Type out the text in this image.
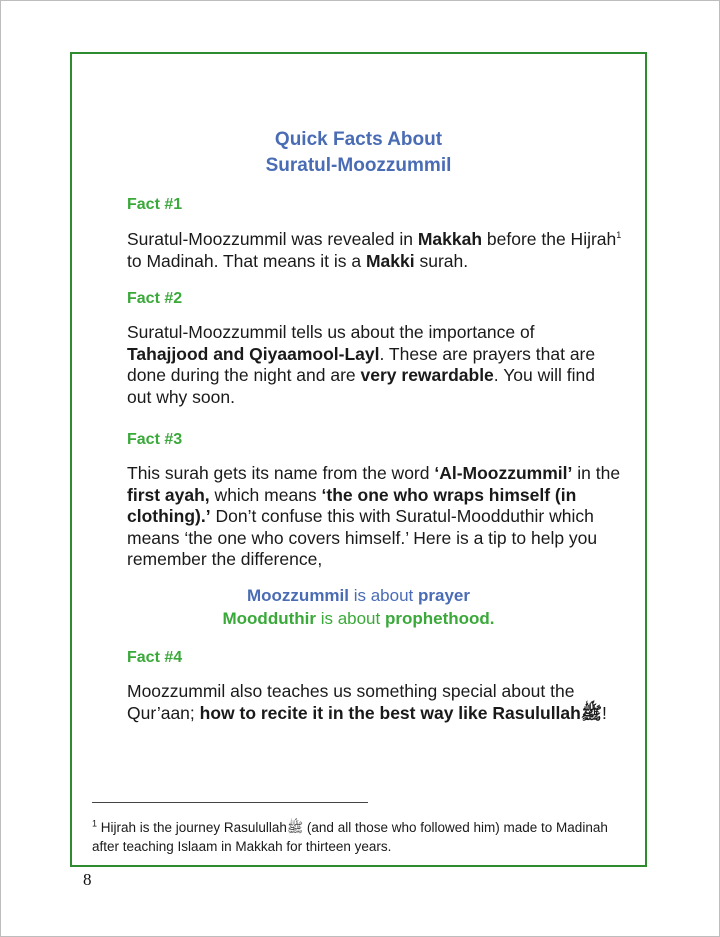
Quick Facts About
Suratul-Moozzummil
Fact #1
Suratul-Moozzummil was revealed in Makkah before the Hijrah$^1$ to Madinah. That means it is a Makki surah.
Fact #2
Suratul-Moozzummil tells us about the importance of Tahajjood and Qiyaamool-Layl. These are prayers that are done during the night and are very rewardable. You will find out why soon.
Fact #3
This surah gets its name from the word ‘Al-Moozzummil’ in the first ayah, which means ‘the one who wraps himself (in clothing).’ Don’t confuse this with Suratul-Moodduthir which means ‘the one who covers himself.’ Here is a tip to help you remember the difference,
Moozzummil is about prayer
Moodduthir is about prophethood.
Fact #4
Moozzummil also teaches us something special about the Qur’aan; how to recite it in the best way like Rasulullahﷺ!
$^1$ Hijrah is the journey Rasulullahﷺ (and all those who followed him) made to Madinah after teaching Islaam in Makkah for thirteen years.
8
